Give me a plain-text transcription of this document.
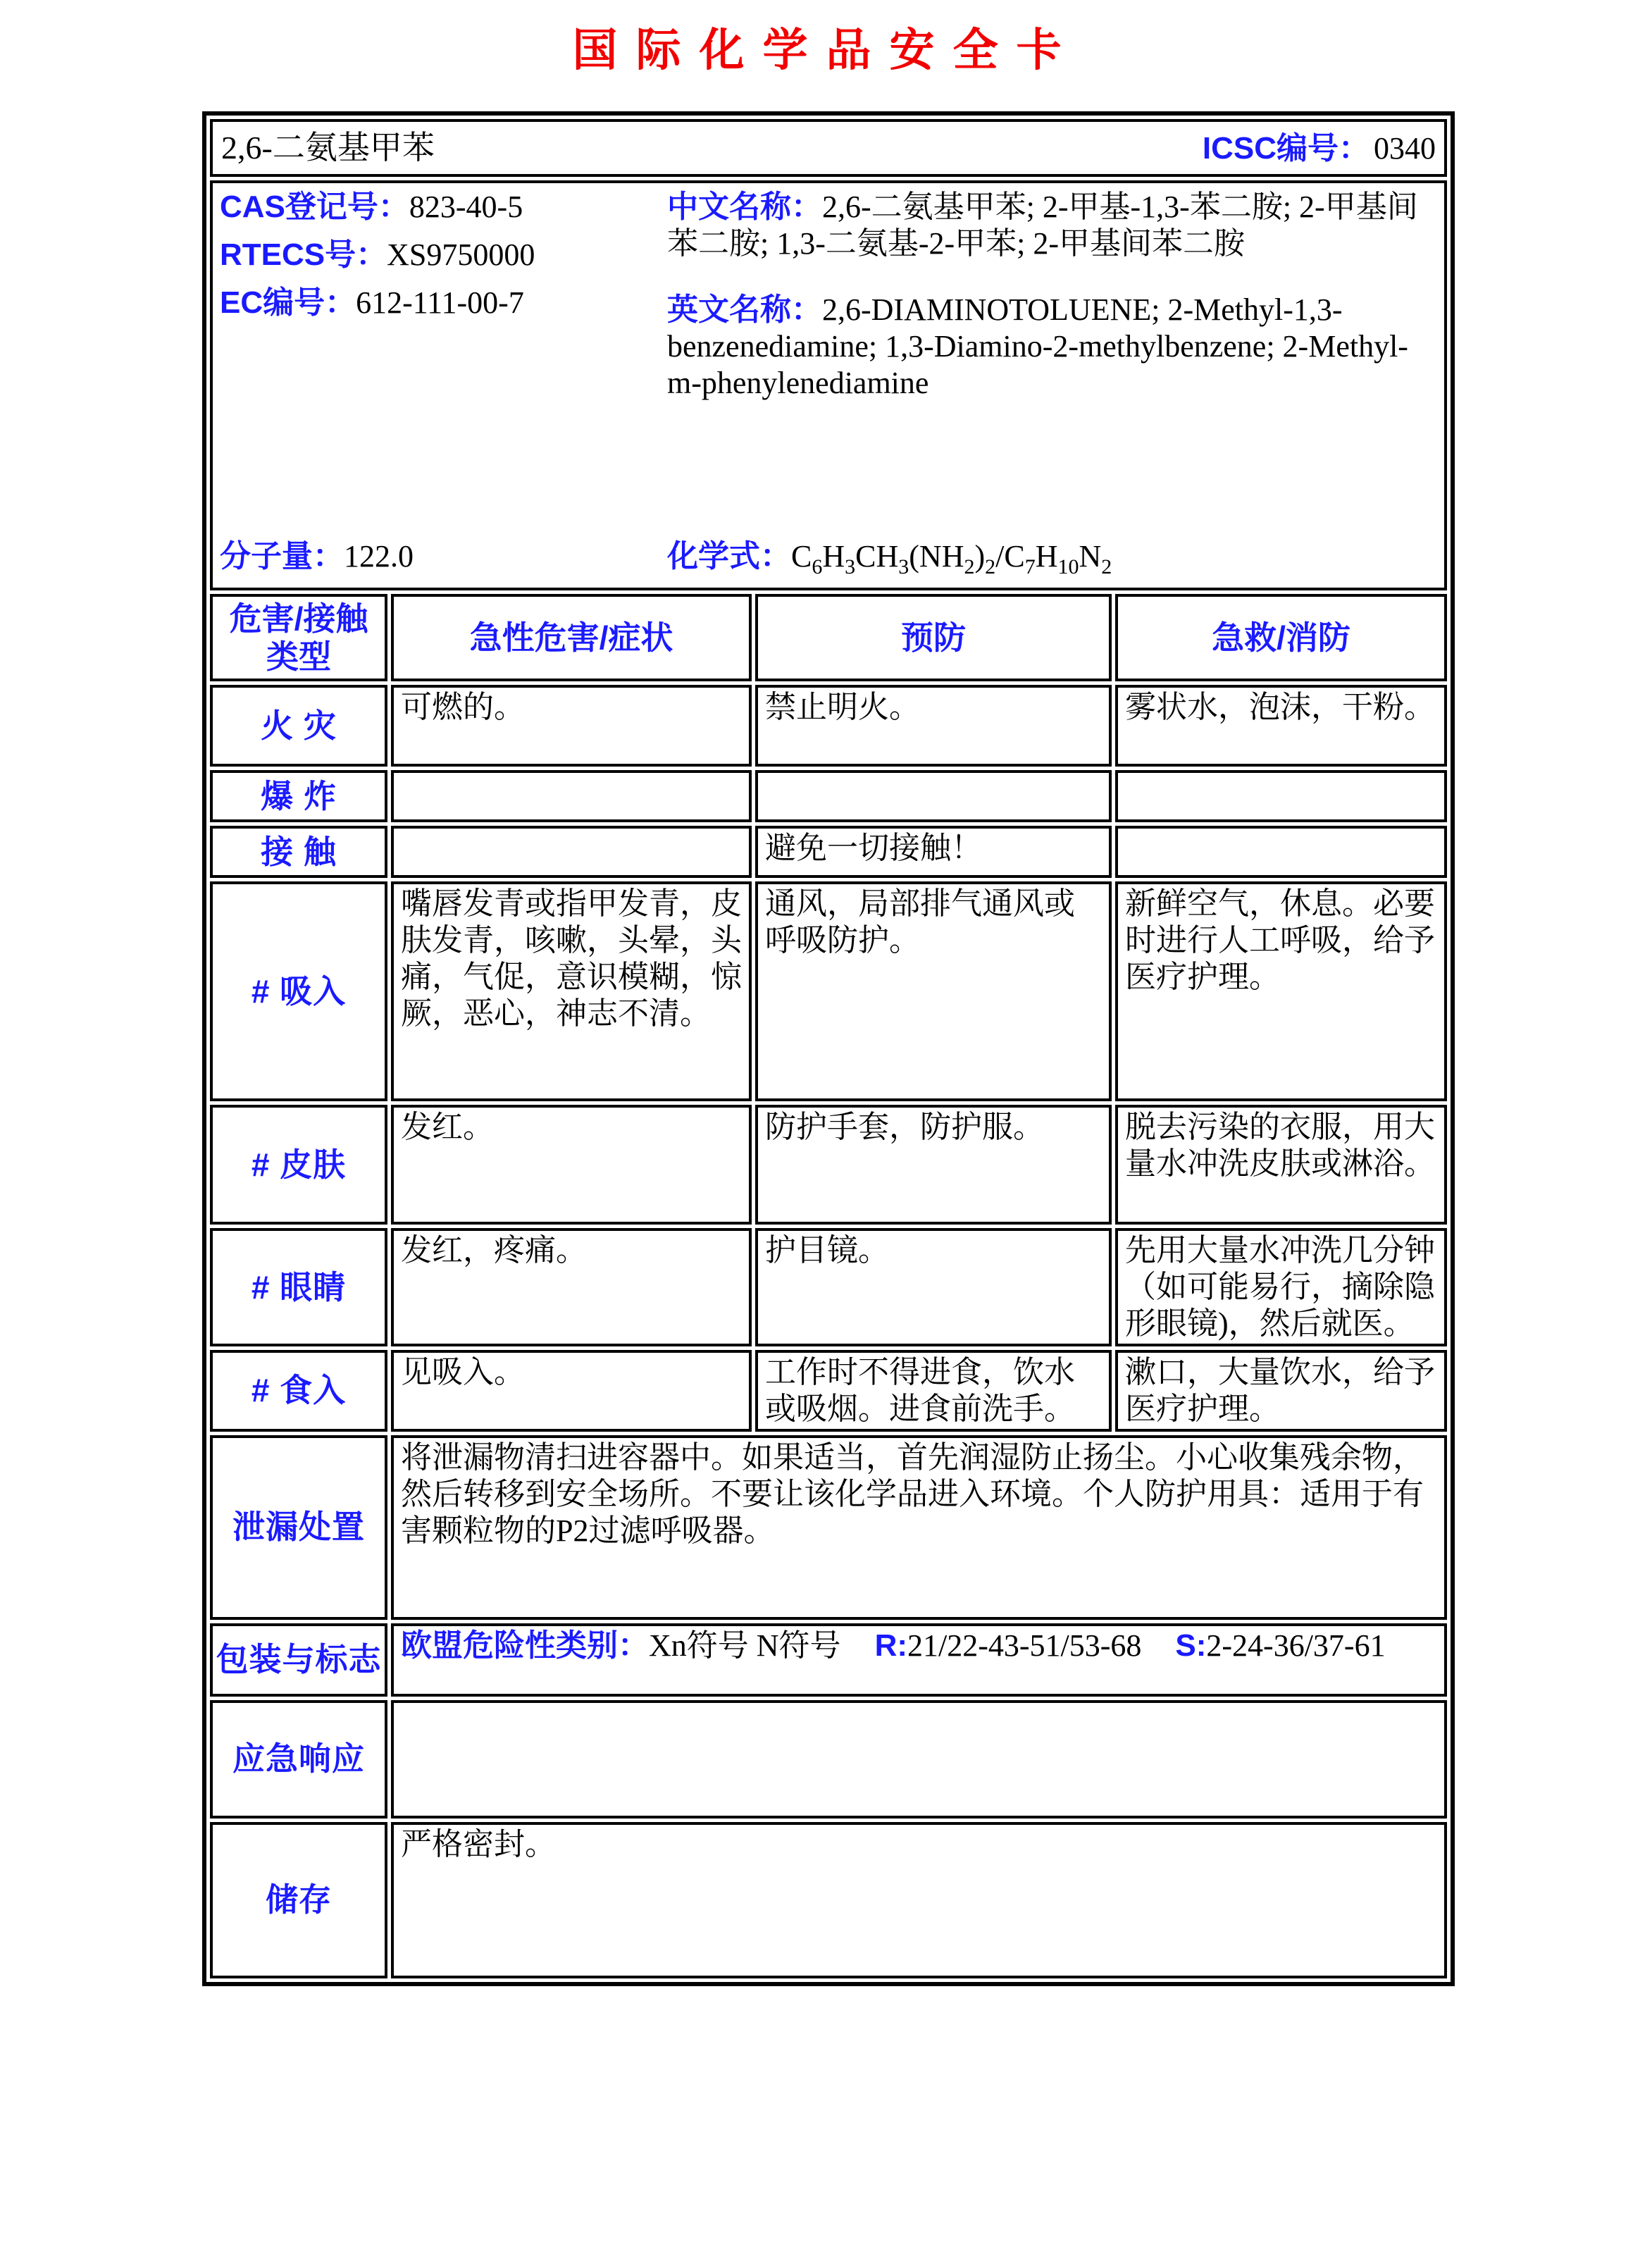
国际化学品安全卡
2,6-二氨基甲苯 ICSC编号： 0340			

CAS登记号：823-40-5
RTECS号：XS9750000
EC编号：612-111-00-7

中文名称：2,6-二氨基甲苯; 2-甲基-1,3-苯二胺; 2-甲基间苯二胺; 1,3-二氨基-2-甲苯; 2-甲基间苯二胺

英文名称：2,6-DIAMINOTOLUENE; 2-Methyl-1,3-benzenediamine; 1,3-Diamino-2-methylbenzene; 2-Methyl-m-phenylenediamine

分子量：122.0	化学式：$C_6H_3CH_3(NH_2)_2/C_7H_{10}N_2$

危害/接触
类型	急性危害/症状	预防	急救/消防
火 灾	可燃的。	禁止明火。	雾状水，泡沫，干粉。
爆 炸			
接 触		避免一切接触！	
# 吸入	嘴唇发青或指甲发青，皮肤发青，咳嗽，头晕，头痛，气促，意识模糊，惊厥，恶心，神志不清。	通风，局部排气通风或呼吸防护。	新鲜空气，休息。必要时进行人工呼吸，给予医疗护理。
# 皮肤	发红。	防护手套，防护服。	脱去污染的衣服，用大量水冲洗皮肤或淋浴。
# 眼睛	发红，疼痛。	护目镜。	先用大量水冲洗几分钟（如可能易行，摘除隐形眼镜)，然后就医。
# 食入	见吸入。	工作时不得进食，饮水或吸烟。进食前洗手。	漱口，大量饮水，给予医疗护理。
泄漏处置	将泄漏物清扫进容器中。如果适当，首先润湿防止扬尘。小心收集残余物，然后转移到安全场所。不要让该化学品进入环境。个人防护用具：适用于有害颗粒物的P2过滤呼吸器。		
包装与标志	欧盟危险性类别：Xn符号 N符号 R:21/22-43-51/53-68 S:2-24-36/37-61		
应急响应			
储存	严格密封。		
